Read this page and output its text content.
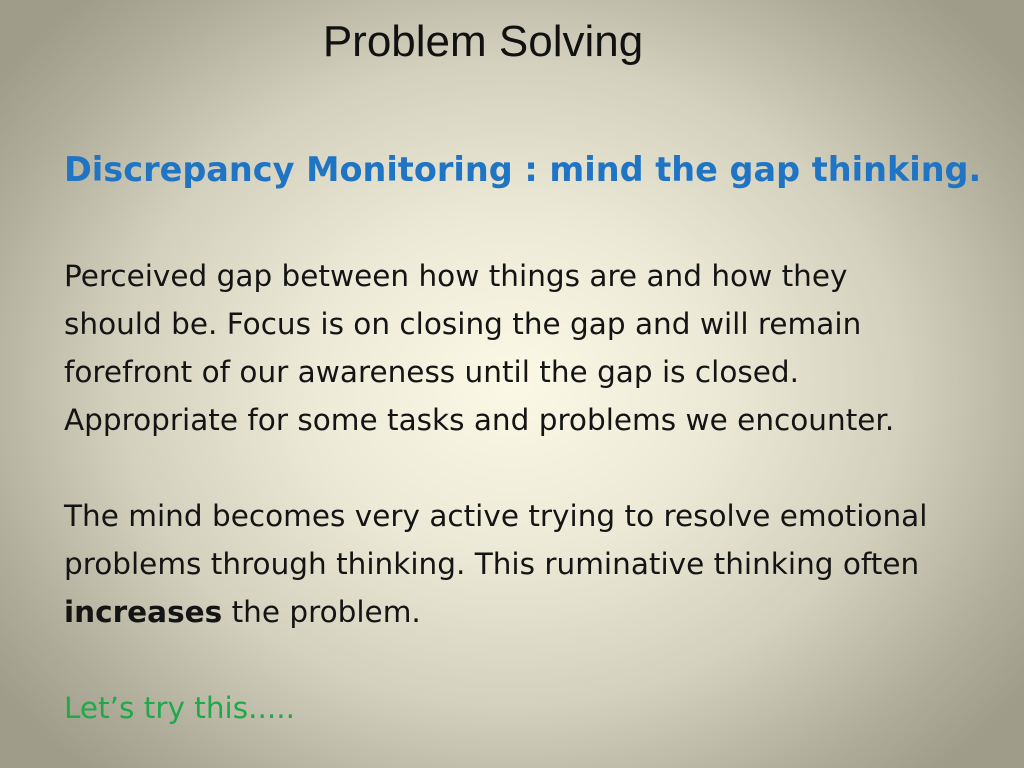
Problem Solving
Discrepancy Monitoring : mind the gap thinking.

Perceived gap between how things are and how they
should be. Focus is on closing the gap and will remain
forefront of our awareness until the gap is closed.
Appropriate for some tasks and problems we encounter.

The mind becomes very active trying to resolve emotional
problems through thinking. This ruminative thinking often
increases the problem.

Let’s try this.....
